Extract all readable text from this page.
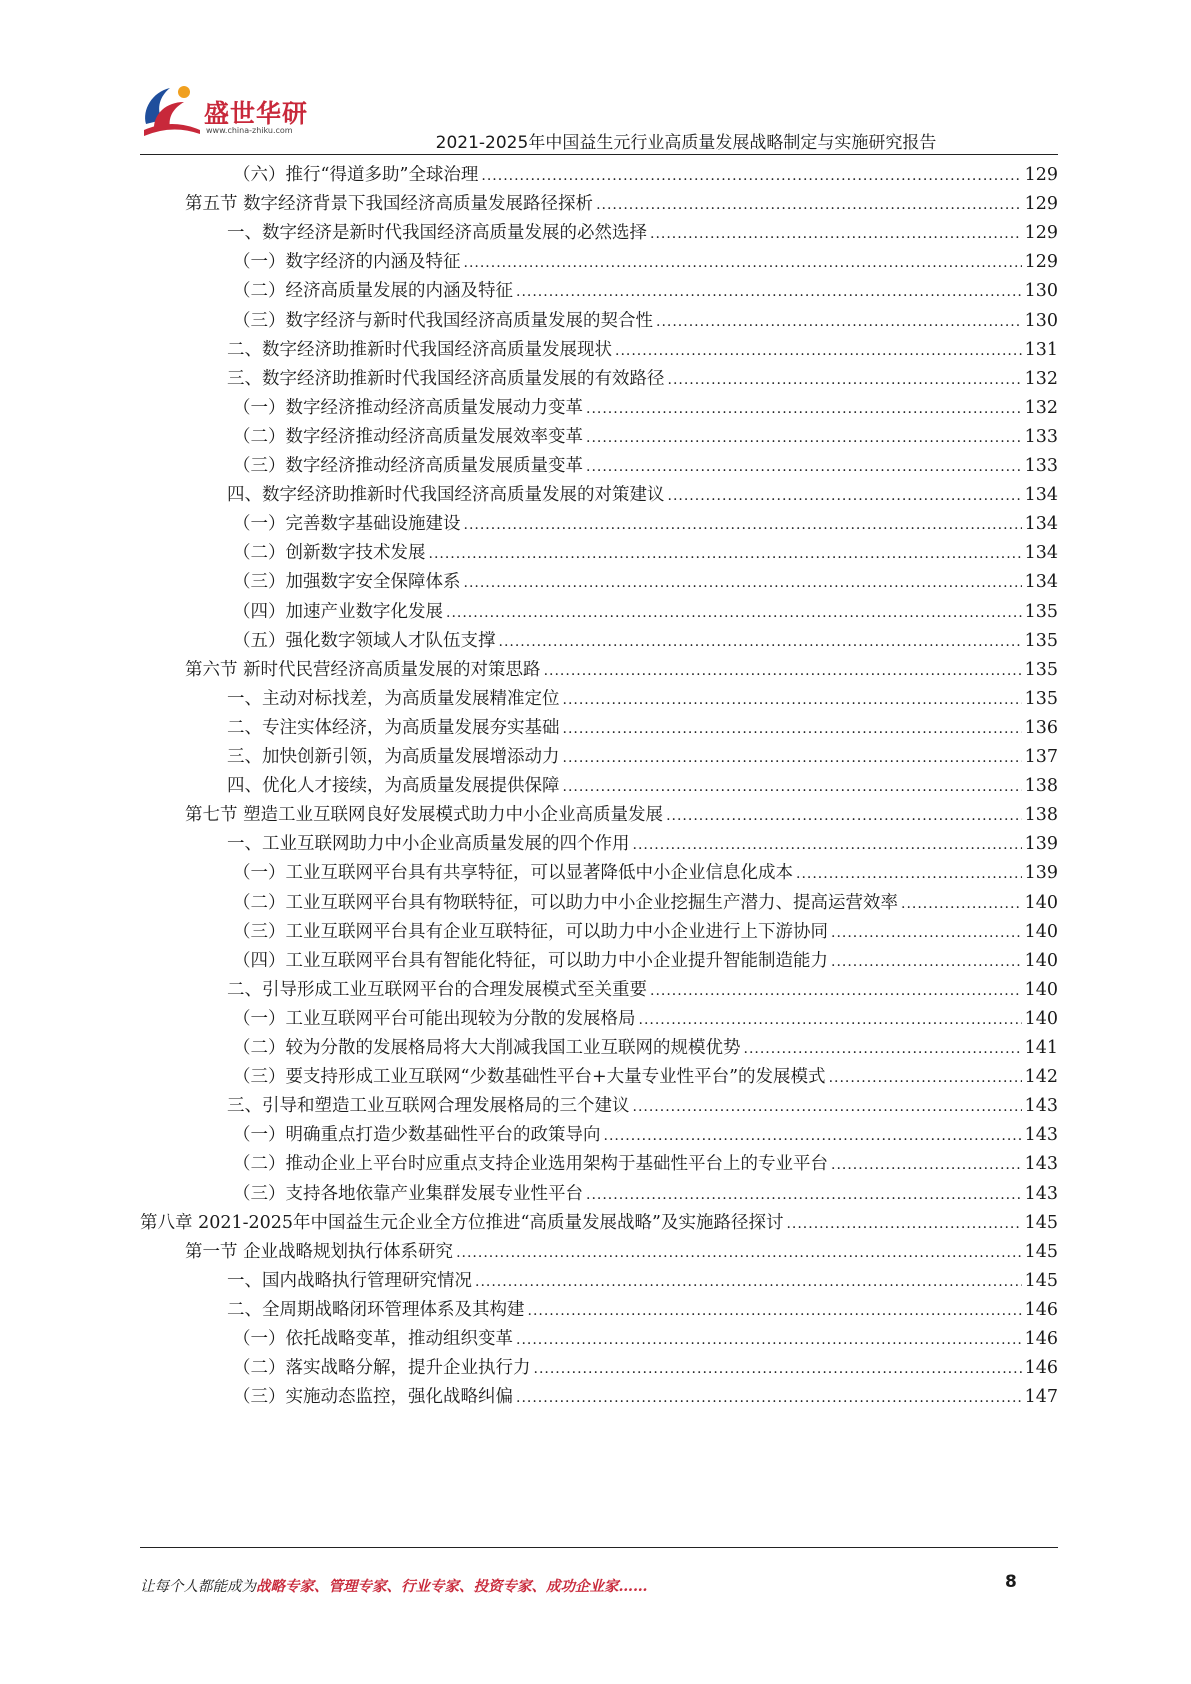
盛世华研
www.china-zhiku.com
2021-2025年中国益生元行业高质量发展战略制定与实施研究报告
（六）推行“得道多助”全球治理 .....	129
第五节 数字经济背景下我国经济高质量发展路径探析 .....	129
一、数字经济是新时代我国经济高质量发展的必然选择 .....	129
（一）数字经济的内涵及特征 .....	129
（二）经济高质量发展的内涵及特征 .....	130
（三）数字经济与新时代我国经济高质量发展的契合性 .....	130
二、数字经济助推新时代我国经济高质量发展现状 .....	131
三、数字经济助推新时代我国经济高质量发展的有效路径 .....	132
（一）数字经济推动经济高质量发展动力变革 .....	132
（二）数字经济推动经济高质量发展效率变革 .....	133
（三）数字经济推动经济高质量发展质量变革 .....	133
四、数字经济助推新时代我国经济高质量发展的对策建议 .....	134
（一）完善数字基础设施建设 .....	134
（二）创新数字技术发展 .....	134
（三）加强数字安全保障体系 .....	134
（四）加速产业数字化发展 .....	135
（五）强化数字领域人才队伍支撑 .....	135
第六节 新时代民营经济高质量发展的对策思路 .....	135
一、主动对标找差，为高质量发展精准定位 .....	135
二、专注实体经济，为高质量发展夯实基础 .....	136
三、加快创新引领，为高质量发展增添动力 .....	137
四、优化人才接续，为高质量发展提供保障 .....	138
第七节 塑造工业互联网良好发展模式助力中小企业高质量发展 .....	138
一、工业互联网助力中小企业高质量发展的四个作用 .....	139
（一）工业互联网平台具有共享特征，可以显著降低中小企业信息化成本 .....	139
（二）工业互联网平台具有物联特征，可以助力中小企业挖掘生产潜力、提高运营效率 .....	140
（三）工业互联网平台具有企业互联特征，可以助力中小企业进行上下游协同 .....	140
（四）工业互联网平台具有智能化特征，可以助力中小企业提升智能制造能力 .....	140
二、引导形成工业互联网平台的合理发展模式至关重要 .....	140
（一）工业互联网平台可能出现较为分散的发展格局 .....	140
（二）较为分散的发展格局将大大削减我国工业互联网的规模优势 .....	141
（三）要支持形成工业互联网“少数基础性平台+大量专业性平台”的发展模式 .....	142
三、引导和塑造工业互联网合理发展格局的三个建议 .....	143
（一）明确重点打造少数基础性平台的政策导向 .....	143
（二）推动企业上平台时应重点支持企业选用架构于基础性平台上的专业平台 .....	143
（三）支持各地依靠产业集群发展专业性平台 .....	143
第八章 2021-2025年中国益生元企业全方位推进“高质量发展战略”及实施路径探讨 .....	145
第一节 企业战略规划执行体系研究 .....	145
一、国内战略执行管理研究情况 .....	145
二、全周期战略闭环管理体系及其构建 .....	146
（一）依托战略变革，推动组织变革 .....	146
（二）落实战略分解，提升企业执行力 .....	146
（三）实施动态监控，强化战略纠偏 .....	147
让每个人都能成为战略专家、管理专家、行业专家、投资专家、成功企业家……	8
